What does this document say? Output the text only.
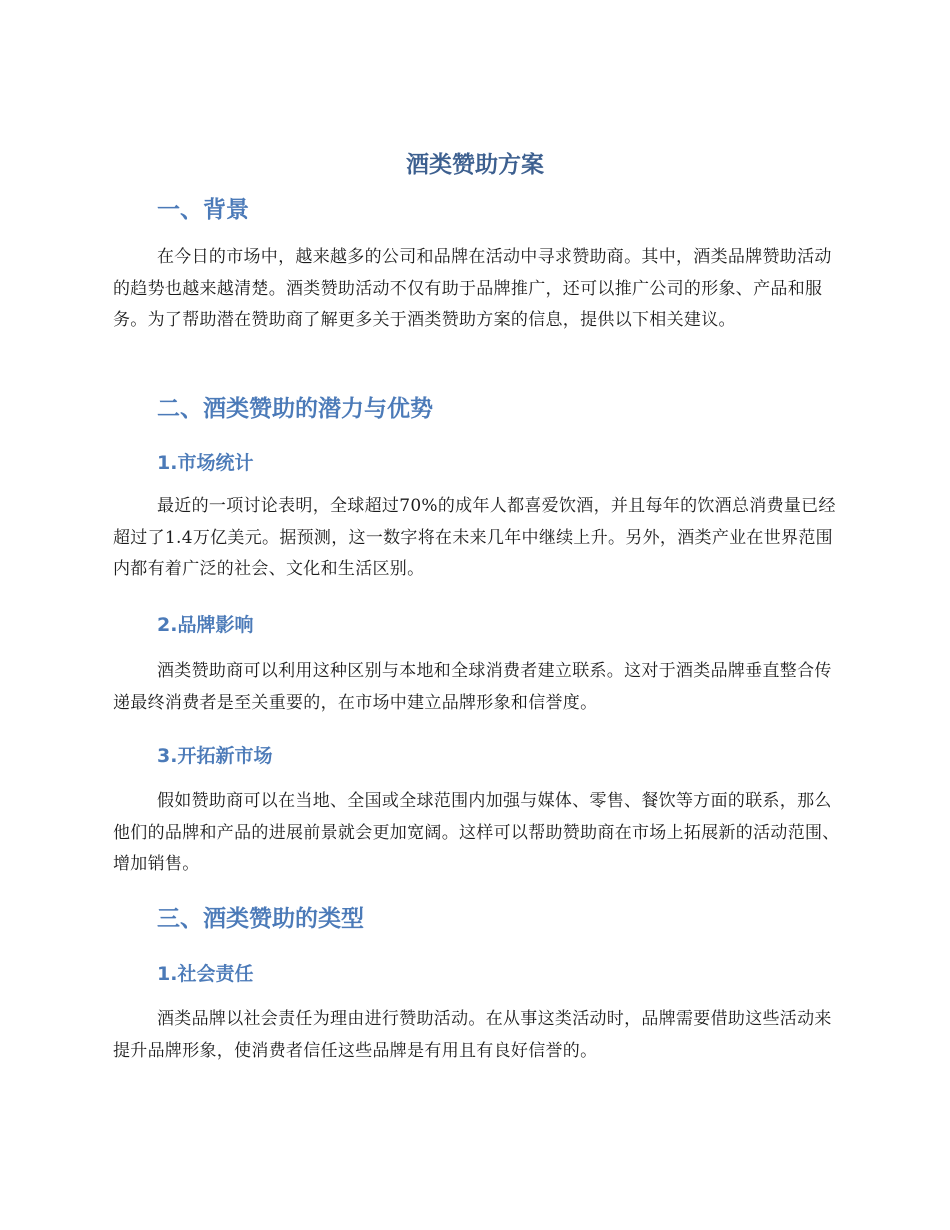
酒类赞助方案
一、背景

在今日的市场中，越来越多的公司和品牌在活动中寻求赞助商。其中，酒类品牌赞助活动的趋势也越来越清楚。酒类赞助活动不仅有助于品牌推广，还可以推广公司的形象、产品和服务。为了帮助潜在赞助商了解更多关于酒类赞助方案的信息，提供以下相关建议。

二、酒类赞助的潜力与优势
1.市场统计

最近的一项讨论表明，全球超过70%的成年人都喜爱饮酒，并且每年的饮酒总消费量已经超过了1.4万亿美元。据预测，这一数字将在未来几年中继续上升。另外，酒类产业在世界范围内都有着广泛的社会、文化和生活区别。

2.品牌影响

酒类赞助商可以利用这种区别与本地和全球消费者建立联系。这对于酒类品牌垂直整合传递最终消费者是至关重要的，在市场中建立品牌形象和信誉度。

3.开拓新市场

假如赞助商可以在当地、全国或全球范围内加强与媒体、零售、餐饮等方面的联系，那么他们的品牌和产品的进展前景就会更加宽阔。这样可以帮助赞助商在市场上拓展新的活动范围、增加销售。

三、酒类赞助的类型
1.社会责任

酒类品牌以社会责任为理由进行赞助活动。在从事这类活动时，品牌需要借助这些活动来提升品牌形象，使消费者信任这些品牌是有用且有良好信誉的。
